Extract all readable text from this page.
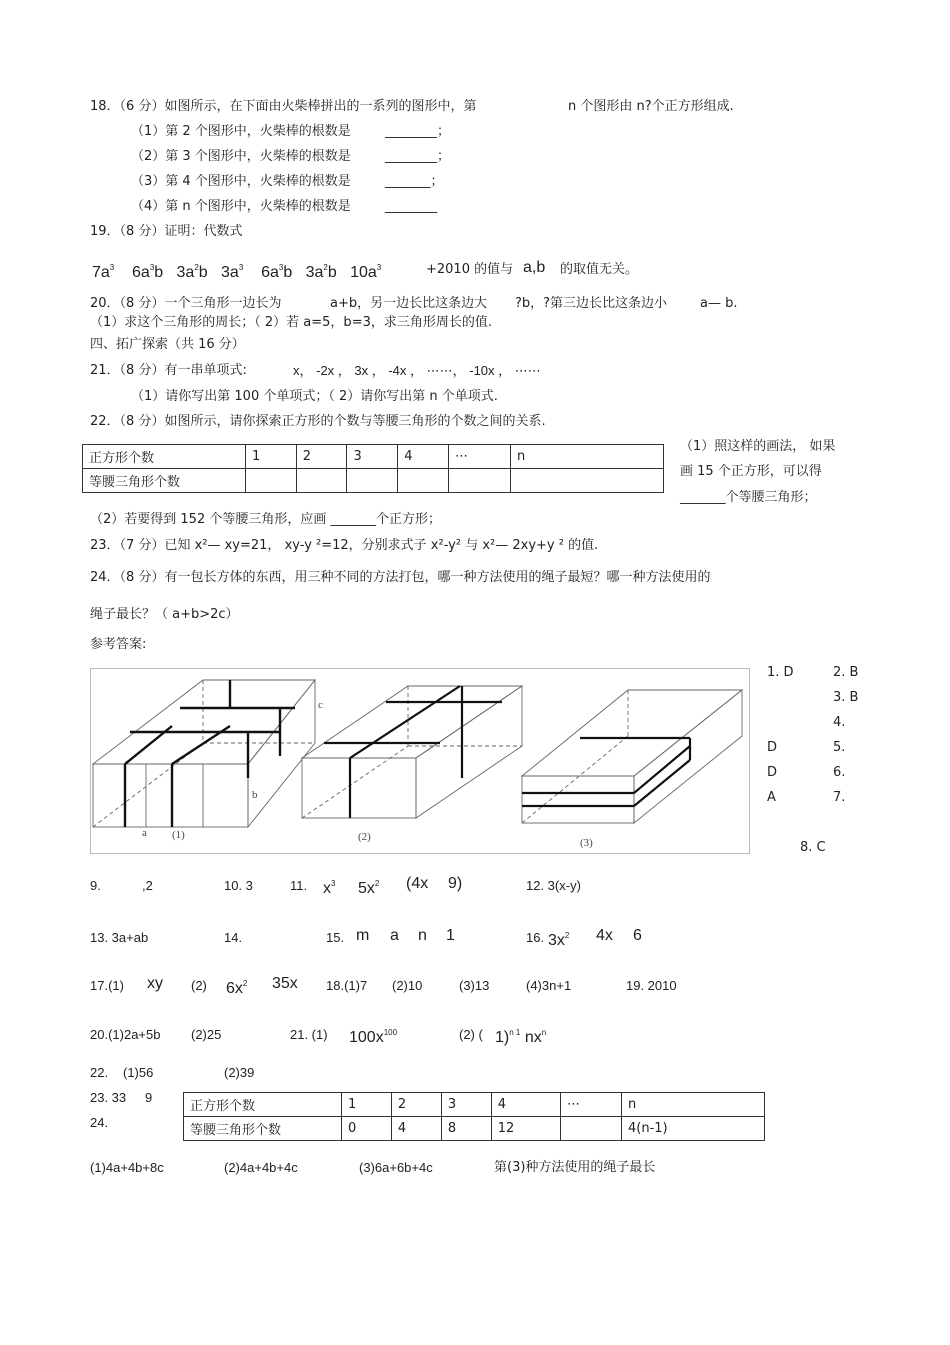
18．（6 分）如图所示，在下面由火柴棒拼出的一系列的图形中，第	n 个图形由 n?个正方形组成.
（1）第 2 个图形中，火柴棒的根数是	________；
（2）第 3 个图形中，火柴棒的根数是	________；
（3）第 4 个图形中，火柴棒的根数是	_______；
（4）第 n 个图形中，火柴棒的根数是	________
19．（8 分）证明：代数式
$7a^3$ $6a^3b$ $3a^2b$ $3a^3$ $6a^3b$ $3a^2b$ $10a^3$	+2010 的值与 a,b 的取值无关。
20．（8 分）一个三角形一边长为	a+b，另一边长比这条边大 ?b，?第三边长比这条边小	a— b.
（1）求这个三角形的周长；（ 2）若 a=5，b=3，求三角形周长的值.
四、拓广探索（共 16 分）
21．（8 分）有一串单项式:	x， -2x ， 3x ， -4x ， ⋯⋯， -10x ， ⋯⋯
（1）请你写出第 100 个单项式；（ 2）请你写出第 n 个单项式.
22．（8 分）如图所示，请你探索正方形的个数与等腰三角形的个数之间的关系.
正方形个数	1	2	3	4	⋯	n
等腰三角形个数						
（1）照这样的画法， 如果
画 15 个正方形，可以得
_______个等腰三角形；
（2）若要得到 152 个等腰三角形，应画 _______个正方形；
23．（7 分）已知 x²— xy=21， xy-y ²=12，分别求式子 x²-y² 与 x²— 2xy+y ² 的值.
24．（8 分）有一包长方体的东西，用三种不同的方法打包，哪一种方法使用的绳子最短？哪一种方法使用的
绳子最长？（ a+b>2c）
参考答案:
c
b
a (1)	(2)	(3)
1. D	2. B
3. B
4.
D	5.
D	6.
A	7.
8. C
9.	,2	10. 3	11. $x^3$ $5x^2$ (4x 9)	12. 3(x-y)
13. 3a+ab	14.	15. m a n 1	16. $3x^2$ 4x 6
17.(1) xy (2) $6x^2$ 35x 18.(1)7 (2)10	(3)13	(4)3n+1	19. 2010
20.(1)2a+5b (2)25	21. (1) $100x^{100}$	(2) ( 1)$^{n 1}$ $nx^n$
22. (1)56	(2)39
23. 33 9
24.
正方形个数	1	2	3	4	⋯	n
等腰三角形个数	0	4	8	12		4(n-1)
(1)4a+4b+8c	(2)4a+4b+4c	(3)6a+6b+4c	第(3)种方法使用的绳子最长
